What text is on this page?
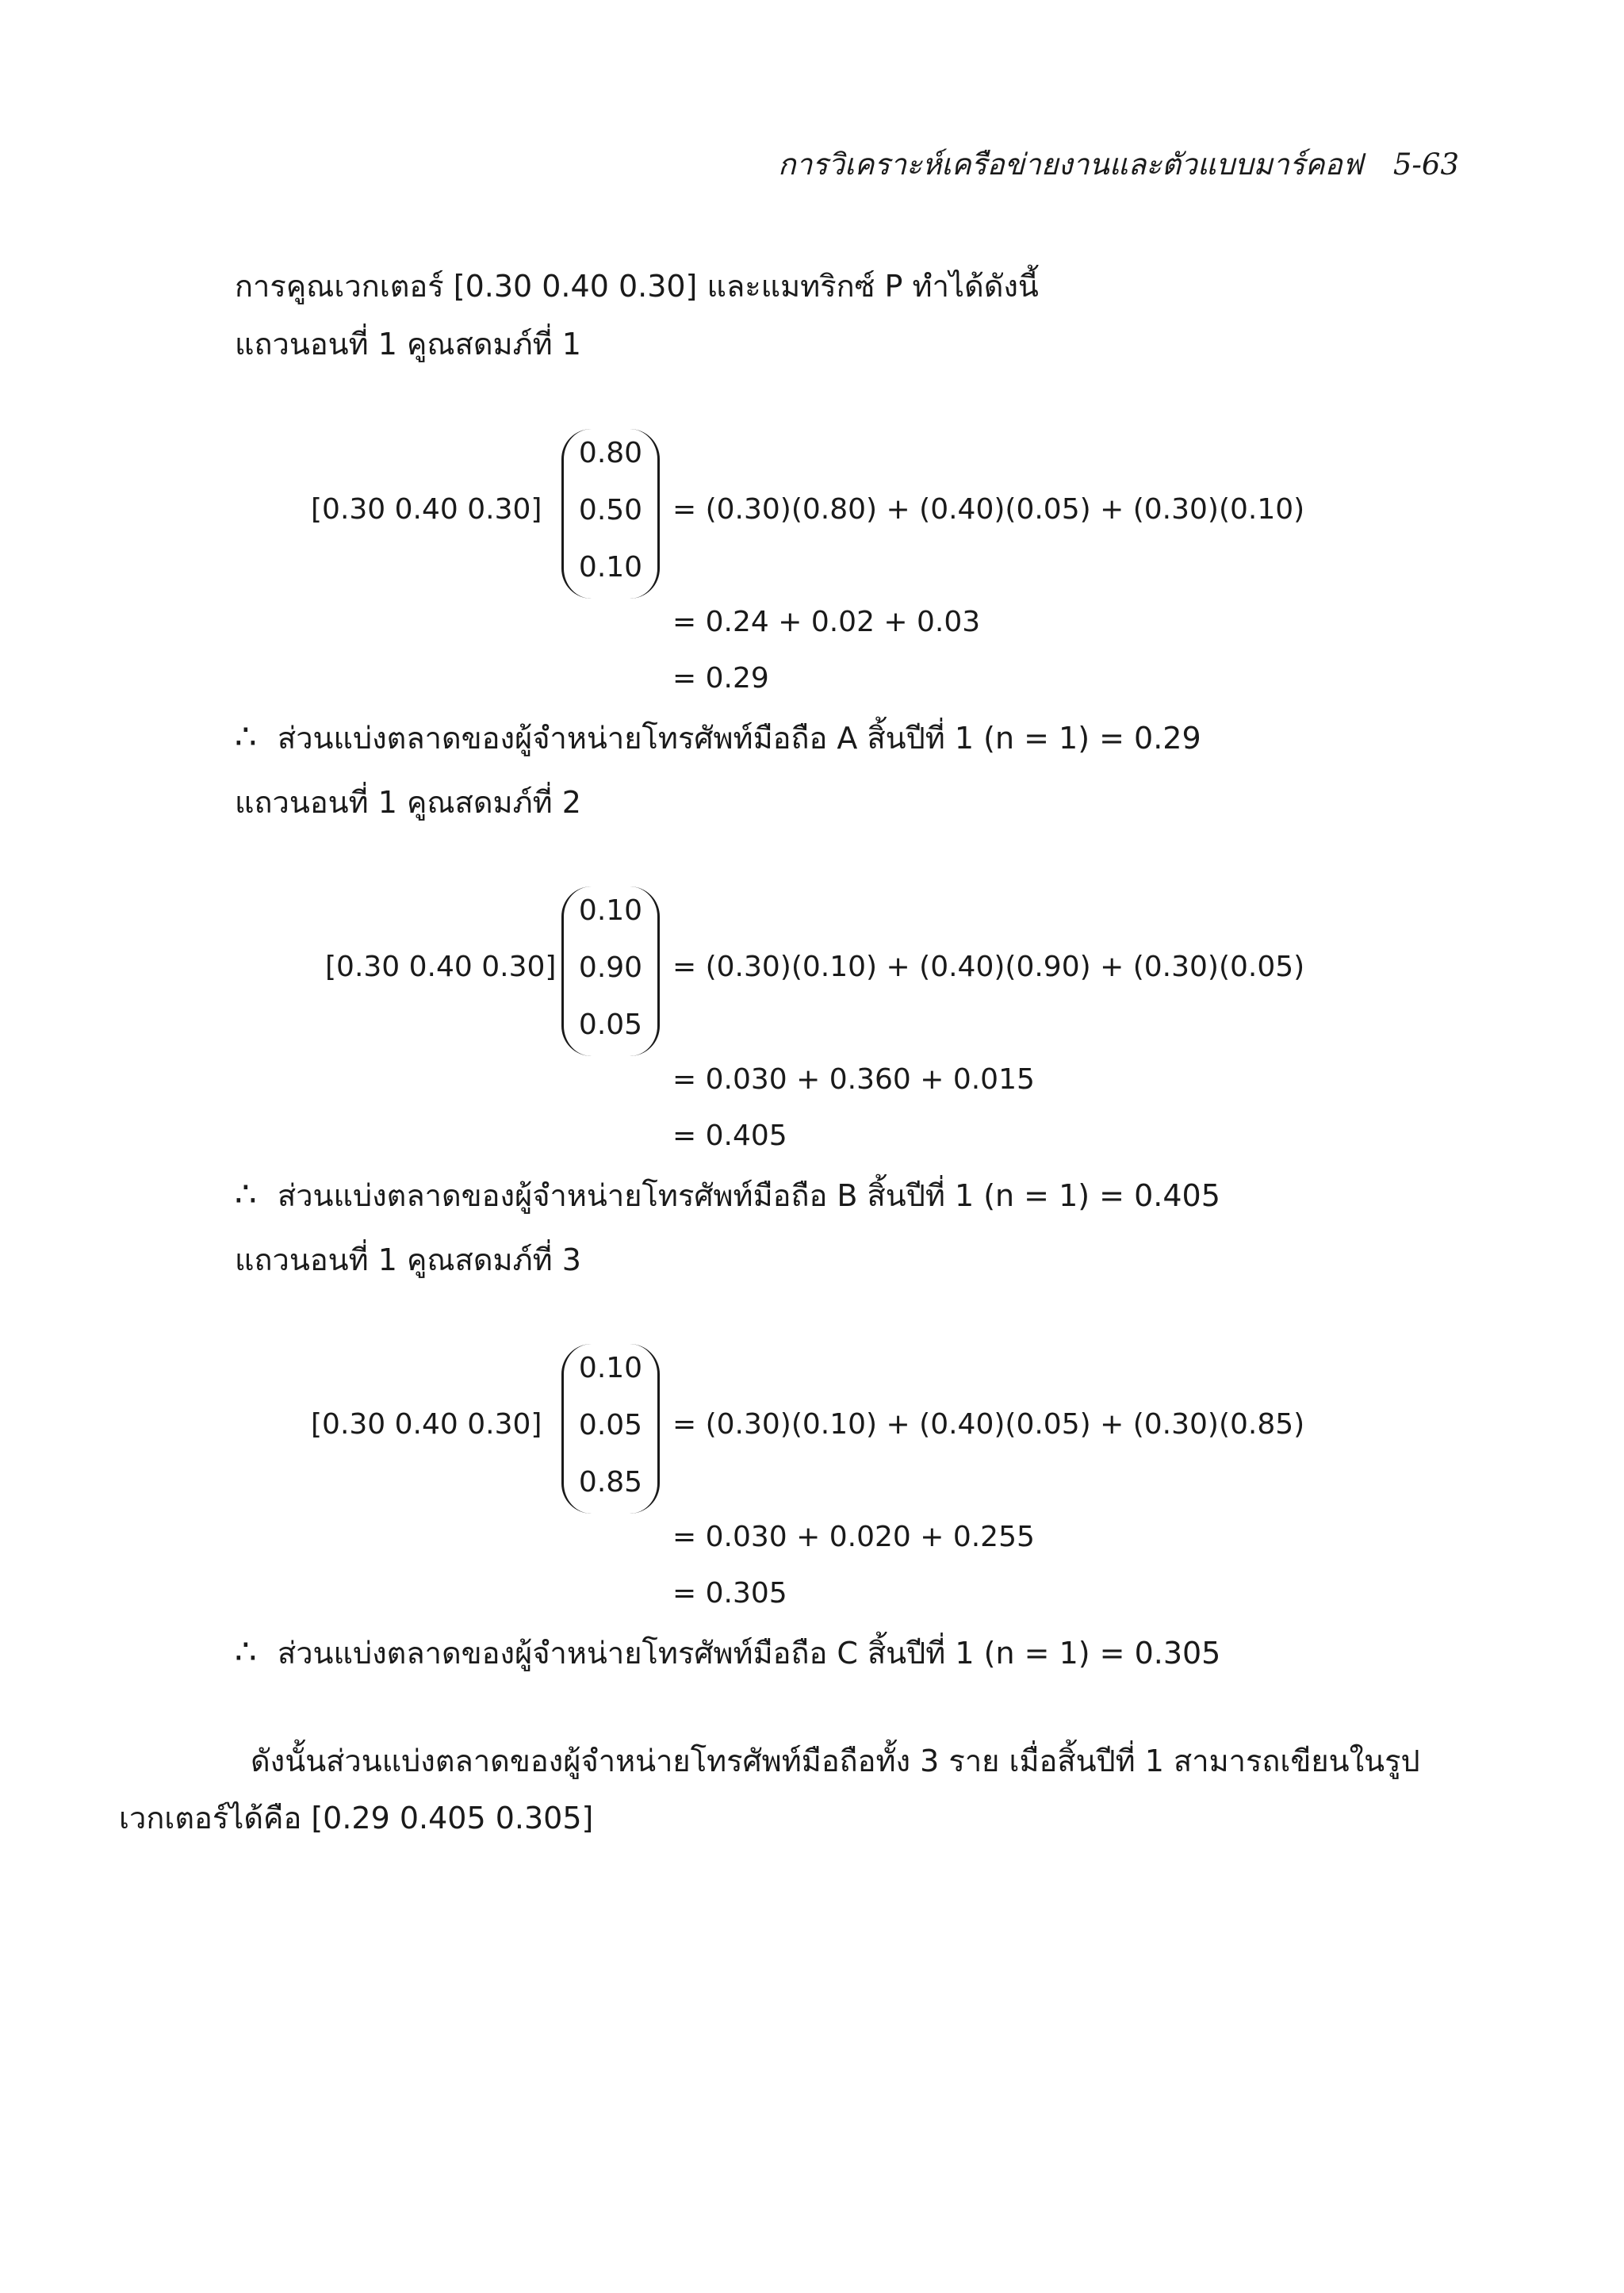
การวิเคราะห์เครือข่ายงานและตัวแบบมาร์คอฟ 5-63
การคูณเวกเตอร์ [0.30 0.40 0.30] และแมทริกซ์ P ทำได้ดังนี้
แถวนอนที่ 1 คูณสดมภ์ที่ 1
[0.30 0.40 0.30]
0.80
0.50
0.10
= (0.30)(0.80) + (0.40)(0.05) + (0.30)(0.10)
= 0.24 + 0.02 + 0.03
= 0.29
∴ ส่วนแบ่งตลาดของผู้จำหน่ายโทรศัพท์มือถือ A สิ้นปีที่ 1 (n = 1) = 0.29
แถวนอนที่ 1 คูณสดมภ์ที่ 2
[0.30 0.40 0.30]
0.10
0.90
0.05
= (0.30)(0.10) + (0.40)(0.90) + (0.30)(0.05)
= 0.030 + 0.360 + 0.015
= 0.405
∴ ส่วนแบ่งตลาดของผู้จำหน่ายโทรศัพท์มือถือ B สิ้นปีที่ 1 (n = 1) = 0.405
แถวนอนที่ 1 คูณสดมภ์ที่ 3
[0.30 0.40 0.30]
0.10
0.05
0.85
= (0.30)(0.10) + (0.40)(0.05) + (0.30)(0.85)
= 0.030 + 0.020 + 0.255
= 0.305
∴ ส่วนแบ่งตลาดของผู้จำหน่ายโทรศัพท์มือถือ C สิ้นปีที่ 1 (n = 1) = 0.305
ดังนั้นส่วนแบ่งตลาดของผู้จำหน่ายโทรศัพท์มือถือทั้ง 3 ราย เมื่อสิ้นปีที่ 1 สามารถเขียนในรูป
เวกเตอร์ได้คือ [0.29 0.405 0.305]
